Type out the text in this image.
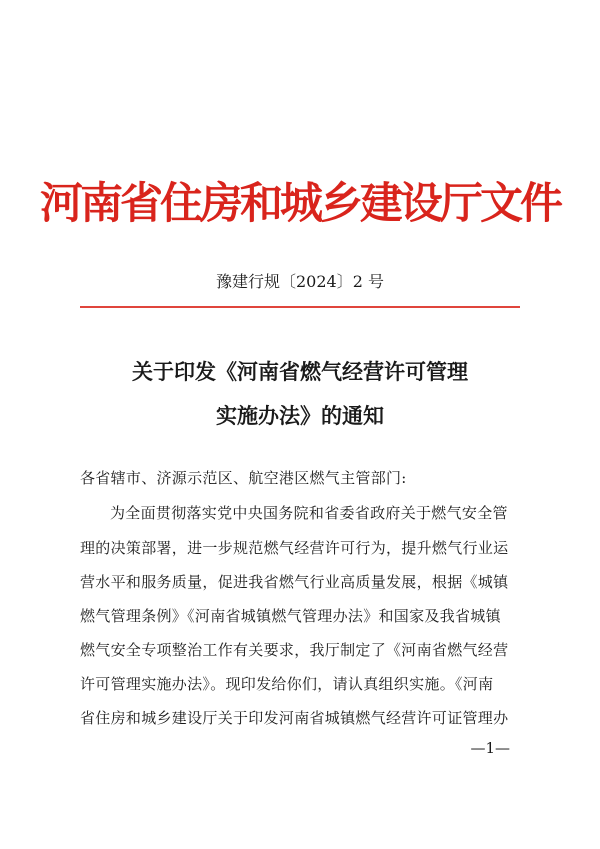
河南省住房和城乡建设厅文件
豫建行规〔2024〕2 号
关于印发《河南省燃气经营许可管理
实施办法》的通知
各省辖市、济源示范区、航空港区燃气主管部门:
为全面贯彻落实党中央国务院和省委省政府关于燃气安全管
理的决策部署，进一步规范燃气经营许可行为，提升燃气行业运
营水平和服务质量，促进我省燃气行业高质量发展，根据《城镇
燃气管理条例》《河南省城镇燃气管理办法》和国家及我省城镇
燃气安全专项整治工作有关要求，我厅制定了《河南省燃气经营
许可管理实施办法》。现印发给你们，请认真组织实施。《河南
省住房和城乡建设厅关于印发河南省城镇燃气经营许可证管理办
—1—
